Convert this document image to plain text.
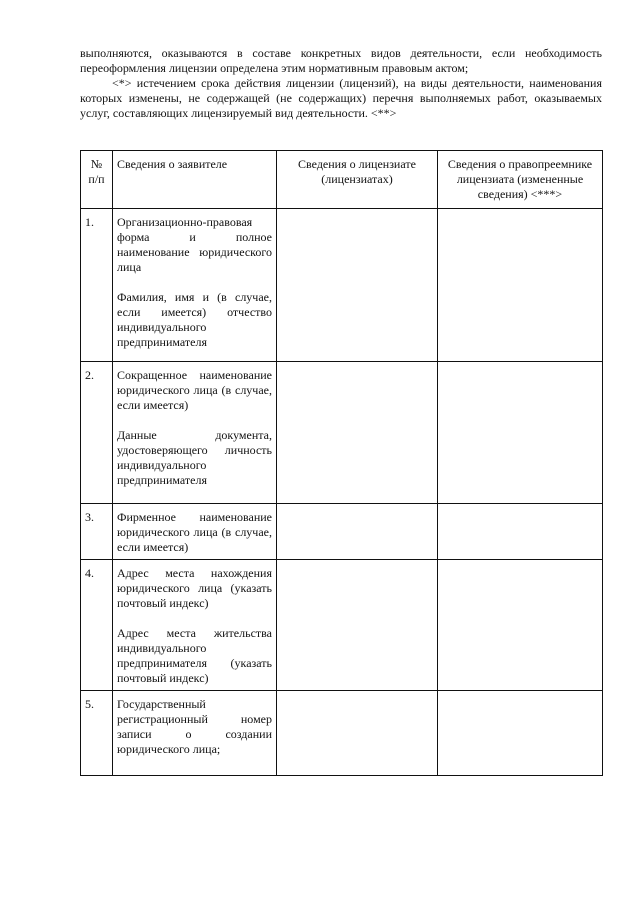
выполняются, оказываются в составе конкретных видов деятельности, если необходимость переоформления лицензии определена этим нормативным правовым актом;

<*> истечением срока действия лицензии (лицензий), на виды деятельности, наименования которых изменены, не содержащей (не содержащих) перечня выполняемых работ, оказываемых услуг, составляющих лицензируемый вид деятельности. <**>

№ п/п	Сведения о заявителе	Сведения о лицензиате (лицензиатах)	Сведения о правопреемнике лицензиата (измененные сведения) <***>
1.	Организационно-правовая форма и полное наименование юридического лица

Фамилия, имя и (в случае, если имеется) отчество индивидуального предпринимателя		

2.	Сокращенное наименование юридического лица (в случае, если имеется)

Данные документа, удостоверяющего личность индивидуального предпринимателя		

3.	Фирменное наименование юридического лица (в случае, если имеется)		

4.	Адрес места нахождения юридического лица (указать почтовый индекс)

Адрес места жительства индивидуального предпринимателя (указать почтовый индекс)		

5.	Государственный регистрационный номер записи о создании юридического лица;		
